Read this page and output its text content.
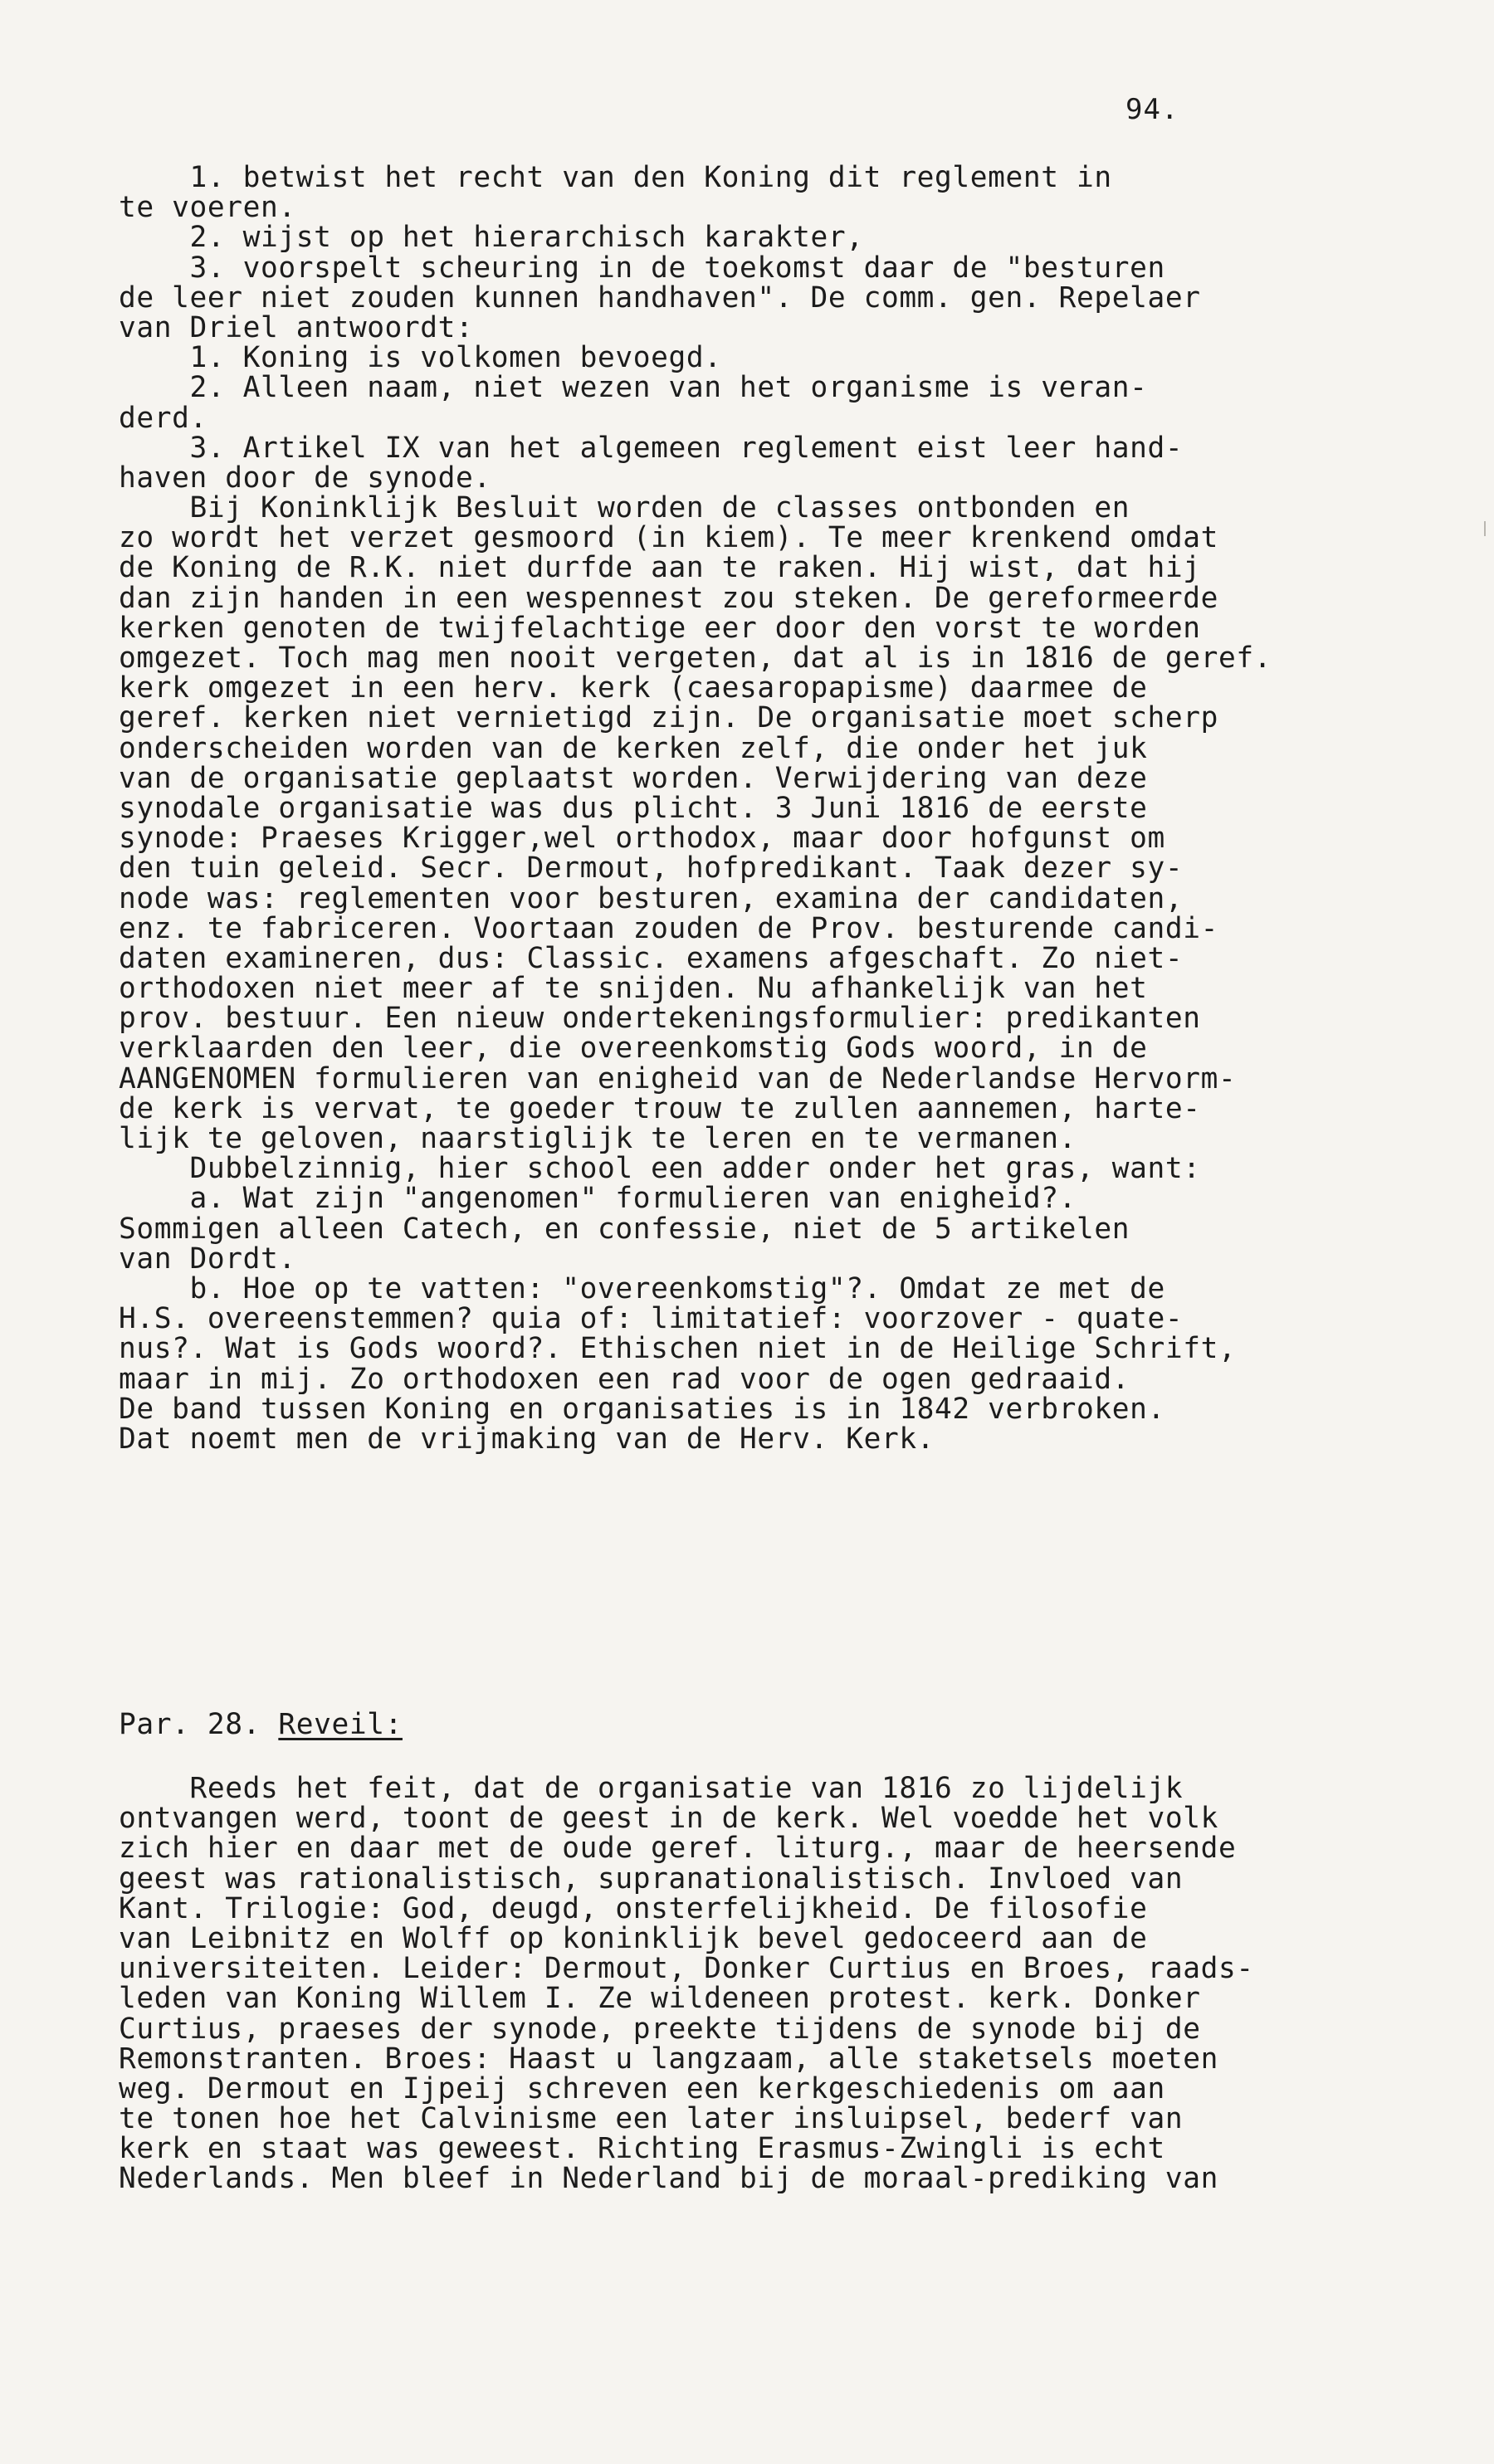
94.
1. betwist het recht van den Koning dit reglement in
te voeren.
2. wijst op het hierarchisch karakter,
3. voorspelt scheuring in de toekomst daar de "besturen
de leer niet zouden kunnen handhaven". De comm. gen. Repelaer
van Driel antwoordt:
1. Koning is volkomen bevoegd.
2. Alleen naam, niet wezen van het organisme is veran-
derd.
3. Artikel IX van het algemeen reglement eist leer hand-
haven door de synode.
Bij Koninklijk Besluit worden de classes ontbonden en
zo wordt het verzet gesmoord (in kiem). Te meer krenkend omdat
de Koning de R.K. niet durfde aan te raken. Hij wist, dat hij
dan zijn handen in een wespennest zou steken. De gereformeerde
kerken genoten de twijfelachtige eer door den vorst te worden
omgezet. Toch mag men nooit vergeten, dat al is in 1816 de geref.
kerk omgezet in een herv. kerk (caesaropapisme) daarmee de
geref. kerken niet vernietigd zijn. De organisatie moet scherp
onderscheiden worden van de kerken zelf, die onder het juk
van de organisatie geplaatst worden. Verwijdering van deze
synodale organisatie was dus plicht. 3 Juni 1816 de eerste
synode: Praeses Krigger,wel orthodox, maar door hofgunst om
den tuin geleid. Secr. Dermout, hofpredikant. Taak dezer sy-
node was: reglementen voor besturen, examina der candidaten,
enz. te fabriceren. Voortaan zouden de Prov. besturende candi-
daten examineren, dus: Classic. examens afgeschaft. Zo niet-
orthodoxen niet meer af te snijden. Nu afhankelijk van het
prov. bestuur. Een nieuw ondertekeningsformulier: predikanten
verklaarden den leer, die overeenkomstig Gods woord, in de
AANGENOMEN formulieren van enigheid van de Nederlandse Hervorm-
de kerk is vervat, te goeder trouw te zullen aannemen, harte-
lijk te geloven, naarstiglijk te leren en te vermanen.
Dubbelzinnig, hier school een adder onder het gras, want:
a. Wat zijn "angenomen" formulieren van enigheid?.
Sommigen alleen Catech, en confessie, niet de 5 artikelen
van Dordt.
b. Hoe op te vatten: "overeenkomstig"?. Omdat ze met de
H.S. overeenstemmen? quia of: limitatief: voorzover - quate-
nus?. Wat is Gods woord?. Ethischen niet in de Heilige Schrift,
maar in mij. Zo orthodoxen een rad voor de ogen gedraaid.
De band tussen Koning en organisaties is in 1842 verbroken.
Dat noemt men de vrijmaking van de Herv. Kerk.
Par. 28. Reveil:
Reeds het feit, dat de organisatie van 1816 zo lijdelijk
ontvangen werd, toont de geest in de kerk. Wel voedde het volk
zich hier en daar met de oude geref. liturg., maar de heersende
geest was rationalistisch, supranationalistisch. Invloed van
Kant. Trilogie: God, deugd, onsterfelijkheid. De filosofie
van Leibnitz en Wolff op koninklijk bevel gedoceerd aan de
universiteiten. Leider: Dermout, Donker Curtius en Broes, raads-
leden van Koning Willem I. Ze wildeneen protest. kerk. Donker
Curtius, praeses der synode, preekte tijdens de synode bij de
Remonstranten. Broes: Haast u langzaam, alle staketsels moeten
weg. Dermout en Ijpeij schreven een kerkgeschiedenis om aan
te tonen hoe het Calvinisme een later insluipsel, bederf van
kerk en staat was geweest. Richting Erasmus-Zwingli is echt
Nederlands. Men bleef in Nederland bij de moraal-prediking van
